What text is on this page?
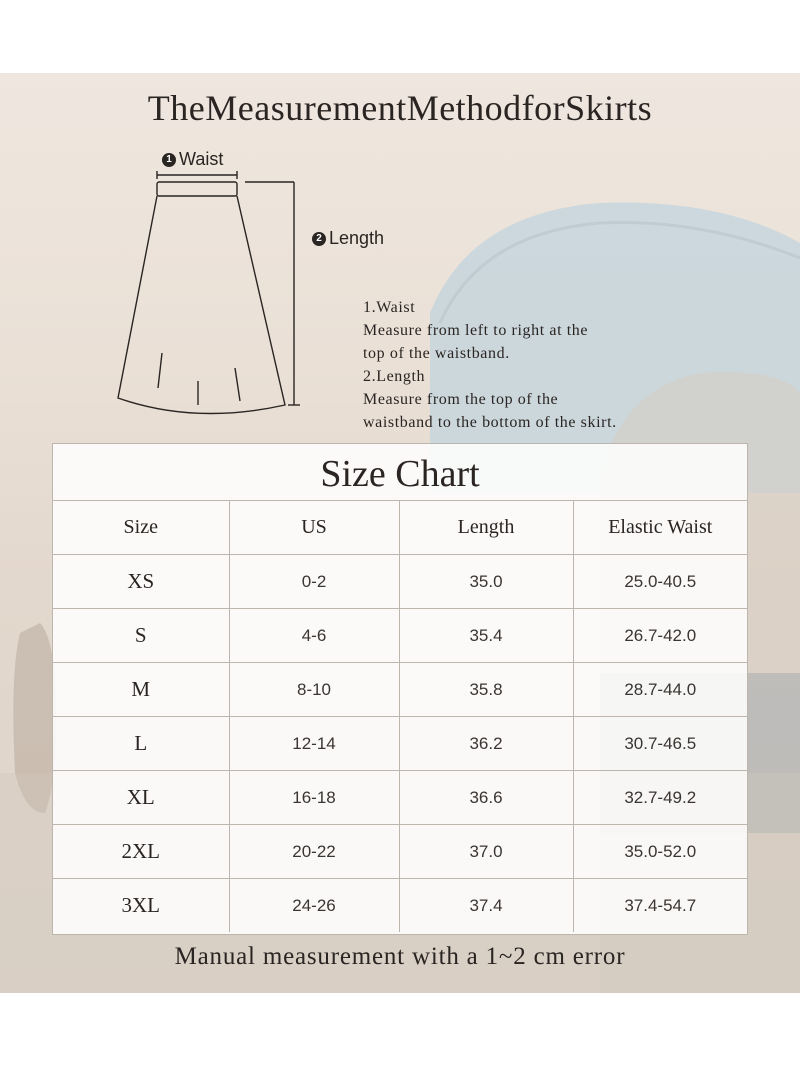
TheMeasurementMethodforSkirts
1 Waist
2 Length
1.Waist
Measure from left to right at the
top of the waistband.
2.Length
Measure from the top of the
waistband to the bottom of the skirt.
Size Chart
Size	US	Length	Elastic Waist
XS	0-2	35.0	25.0-40.5
S	4-6	35.4	26.7-42.0
M	8-10	35.8	28.7-44.0
L	12-14	36.2	30.7-46.5
XL	16-18	36.6	32.7-49.2
2XL	20-22	37.0	35.0-52.0
3XL	24-26	37.4	37.4-54.7
Manual measurement with a 1~2 cm error
